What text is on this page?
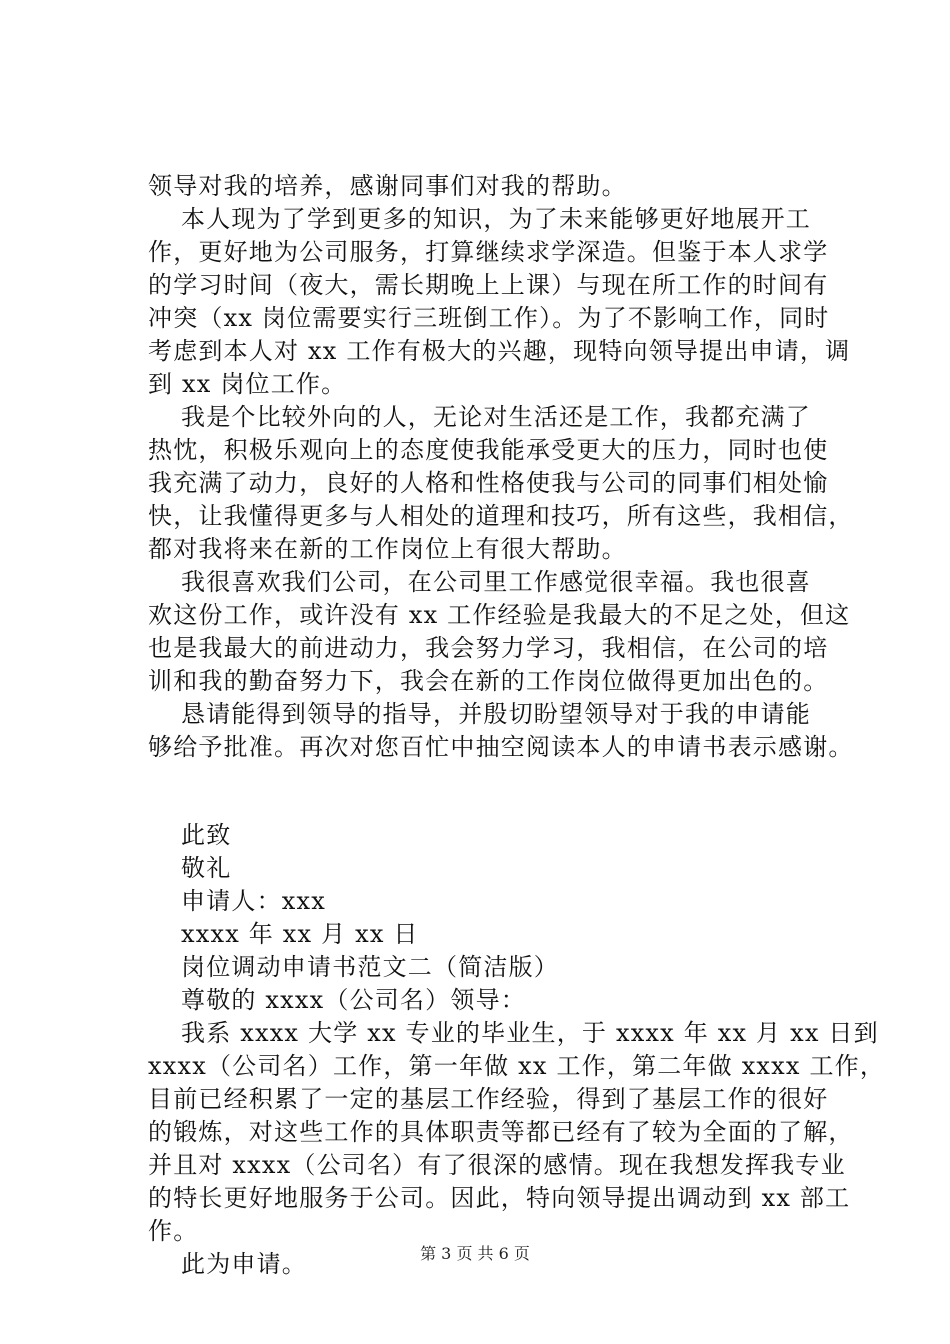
领导对我的培养，感谢同事们对我的帮助。
本人现为了学到更多的知识，为了未来能够更好地展开工
作，更好地为公司服务，打算继续求学深造。但鉴于本人求学
的学习时间（夜大，需长期晚上上课）与现在所工作的时间有
冲突（xx 岗位需要实行三班倒工作）。为了不影响工作，同时
考虑到本人对 xx 工作有极大的兴趣，现特向领导提出申请，调
到 xx 岗位工作。
我是个比较外向的人，无论对生活还是工作，我都充满了
热忱，积极乐观向上的态度使我能承受更大的压力，同时也使
我充满了动力，良好的人格和性格使我与公司的同事们相处愉
快，让我懂得更多与人相处的道理和技巧，所有这些，我相信，
都对我将来在新的工作岗位上有很大帮助。
我很喜欢我们公司，在公司里工作感觉很幸福。我也很喜
欢这份工作，或许没有 xx 工作经验是我最大的不足之处，但这
也是我最大的前进动力，我会努力学习，我相信，在公司的培
训和我的勤奋努力下，我会在新的工作岗位做得更加出色的。
恳请能得到领导的指导，并殷切盼望领导对于我的申请能
够给予批准。再次对您百忙中抽空阅读本人的申请书表示感谢。
此致
敬礼
申请人：xxx
xxxx 年 xx 月 xx 日
岗位调动申请书范文二（简洁版）
尊敬的 xxxx（公司名）领导：
我系 xxxx 大学 xx 专业的毕业生，于 xxxx 年 xx 月 xx 日到
xxxx（公司名）工作，第一年做 xx 工作，第二年做 xxxx 工作，
目前已经积累了一定的基层工作经验，得到了基层工作的很好
的锻炼，对这些工作的具体职责等都已经有了较为全面的了解，
并且对 xxxx（公司名）有了很深的感情。现在我想发挥我专业
的特长更好地服务于公司。因此，特向领导提出调动到 xx 部工
作。
此为申请。	第 3 页 共 6 页
